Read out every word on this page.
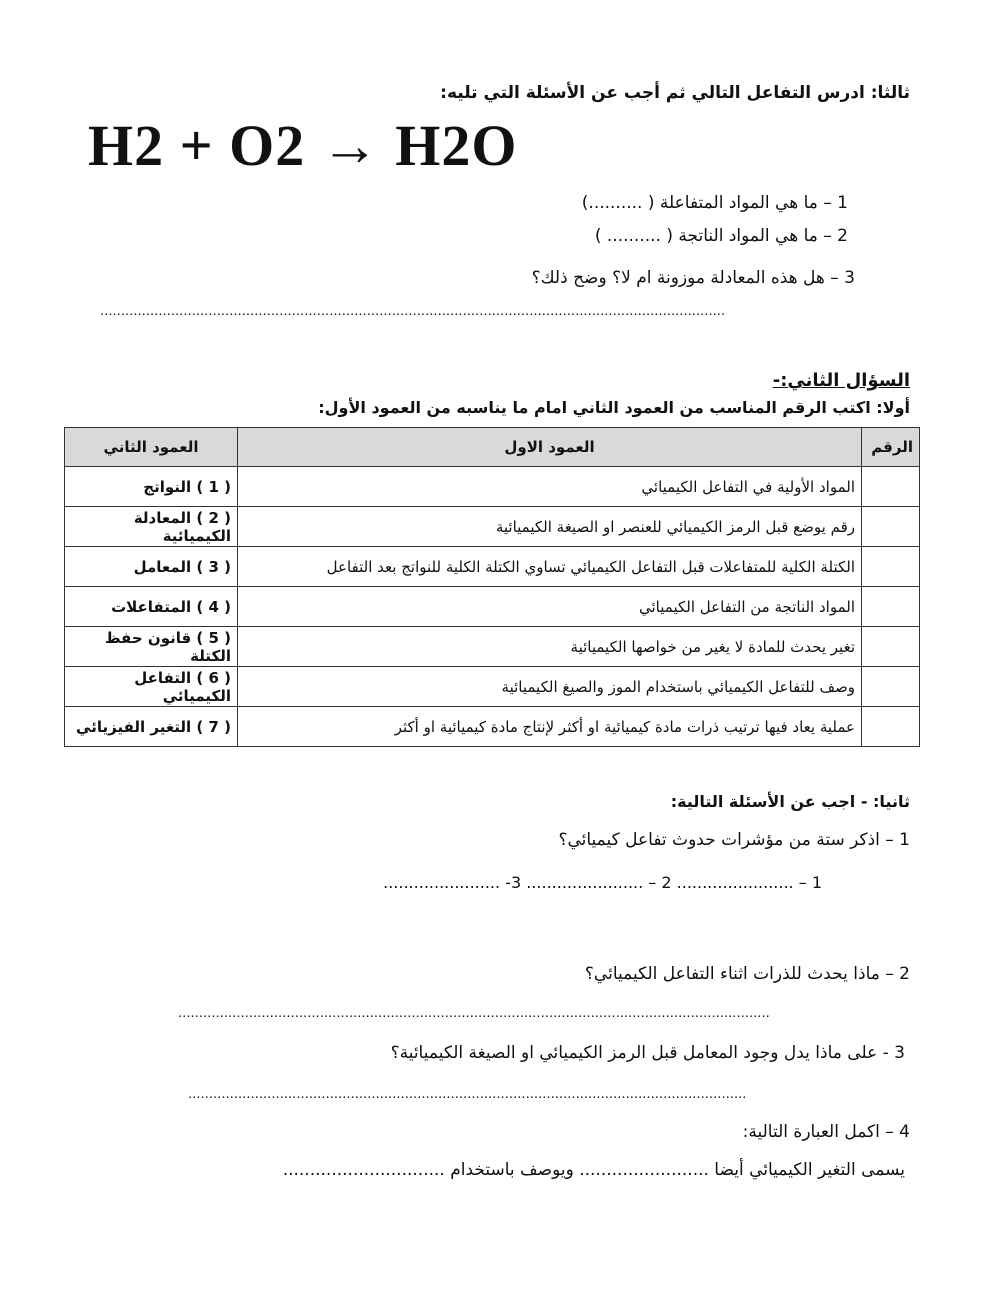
ثالثا: ادرس التفاعل التالي ثم أجب عن الأسئلة التي تليه:
H2 + O2 → H2O
1 – ما هي المواد المتفاعلة ( ..........)
2 – ما هي المواد الناتجة ( .......... )
3 – هل هذه المعادلة موزونة ام لا؟ وضح ذلك؟
......................................................................................................................................................
السؤال الثاني:-
أولا: اكتب الرقم المناسب من العمود الثاني امام ما يناسبه من العمود الأول:
الرقم	العمود الاول	العمود الثاني
	المواد الأولية في التفاعل الكيميائي	( 1 ) النواتج
	رقم يوضع قبل الرمز الكيميائي للعنصر او الصيغة الكيميائية	( 2 ) المعادلة الكيميائية
	الكتلة الكلية للمتفاعلات قبل التفاعل الكيميائي تساوي الكتلة الكلية للنواتج بعد التفاعل	( 3 ) المعامل
	المواد الناتجة من التفاعل الكيميائي	( 4 ) المتفاعلات
	تغير يحدث للمادة لا يغير من خواصها الكيميائية	( 5 ) قانون حفظ الكتلة
	وصف للتفاعل الكيميائي باستخدام الموز والصيغ الكيميائية	( 6 ) التفاعل الكيميائي
	عملية يعاد فيها ترتيب ذرات مادة كيميائية او أكثر لإنتاج مادة كيميائية او أكثر	( 7 ) التغير الفيزيائي
ثانيا: - اجب عن الأسئلة التالية:
1 – اذكر ستة من مؤشرات حدوث تفاعل كيميائي؟
1 – ....................... 2 – ....................... 3- .......................
2 – ماذا يحدث للذرات اثناء التفاعل الكيميائي؟
..............................................................................................................................................
3 - على ماذا يدل وجود المعامل قبل الرمز الكيميائي او الصيغة الكيميائية؟
......................................................................................................................................
4 – اكمل العبارة التالية:
يسمى التغير الكيميائي أيضا ........................ ويوصف باستخدام ..............................
